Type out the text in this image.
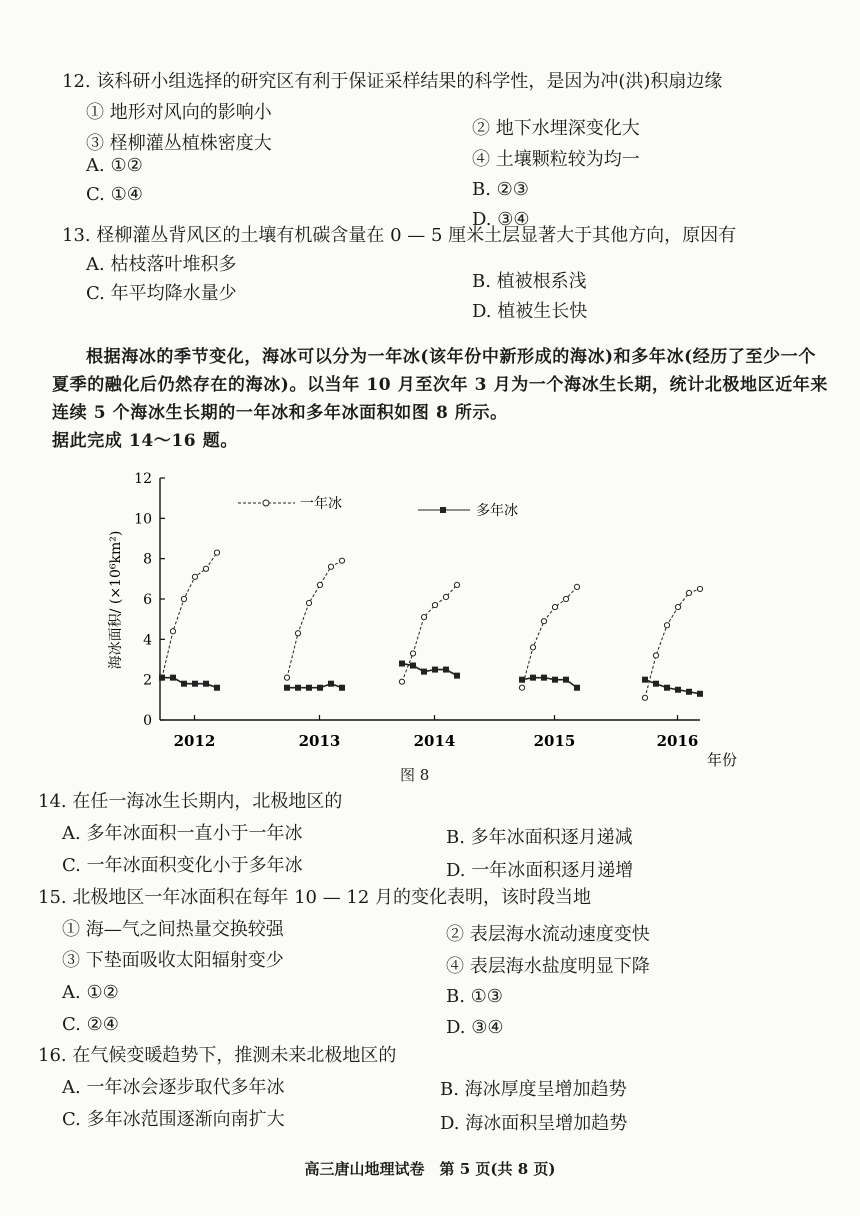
12. 该科研小组选择的研究区有利于保证采样结果的科学性，是因为冲(洪)积扇边缘
① 地形对风向的影响小
② 地下水埋深变化大
③ 柽柳灌丛植株密度大
④ 土壤颗粒较为均一
A. ①②
B. ②③
C. ①④
D. ③④
13. 柽柳灌丛背风区的土壤有机碳含量在 0 — 5 厘米土层显著大于其他方向，原因有
A. 枯枝落叶堆积多
B. 植被根系浅
C. 年平均降水量少
D. 植被生长快

根据海冰的季节变化，海冰可以分为一年冰(该年份中新形成的海冰)和多年冰(经历了至少一个夏季的融化后仍然存在的海冰)。以当年 10 月至次年 3 月为一个海冰生长期，统计北极地区近年来连续 5 个海冰生长期的一年冰和多年冰面积如图 8 所示。

据此完成 14～16 题。

0
2
4
6
8
10
12
2012	2013	2014	2015	2016
海冰面积/ (×10⁶km²)
年份
一年冰	多年冰
图 8
14. 在任一海冰生长期内，北极地区的
A. 多年冰面积一直小于一年冰	B. 多年冰面积逐月递减
C. 一年冰面积变化小于多年冰	D. 一年冰面积逐月递增
15. 北极地区一年冰面积在每年 10 — 12 月的变化表明，该时段当地
① 海—气之间热量交换较强	② 表层海水流动速度变快
③ 下垫面吸收太阳辐射变少	④ 表层海水盐度明显下降
A. ①②	B. ①③
C. ②④	D. ③④
16. 在气候变暖趋势下，推测未来北极地区的
A. 一年冰会逐步取代多年冰	B. 海冰厚度呈增加趋势
C. 多年冰范围逐渐向南扩大	D. 海冰面积呈增加趋势
高三唐山地理试卷　第 5 页(共 8 页)
